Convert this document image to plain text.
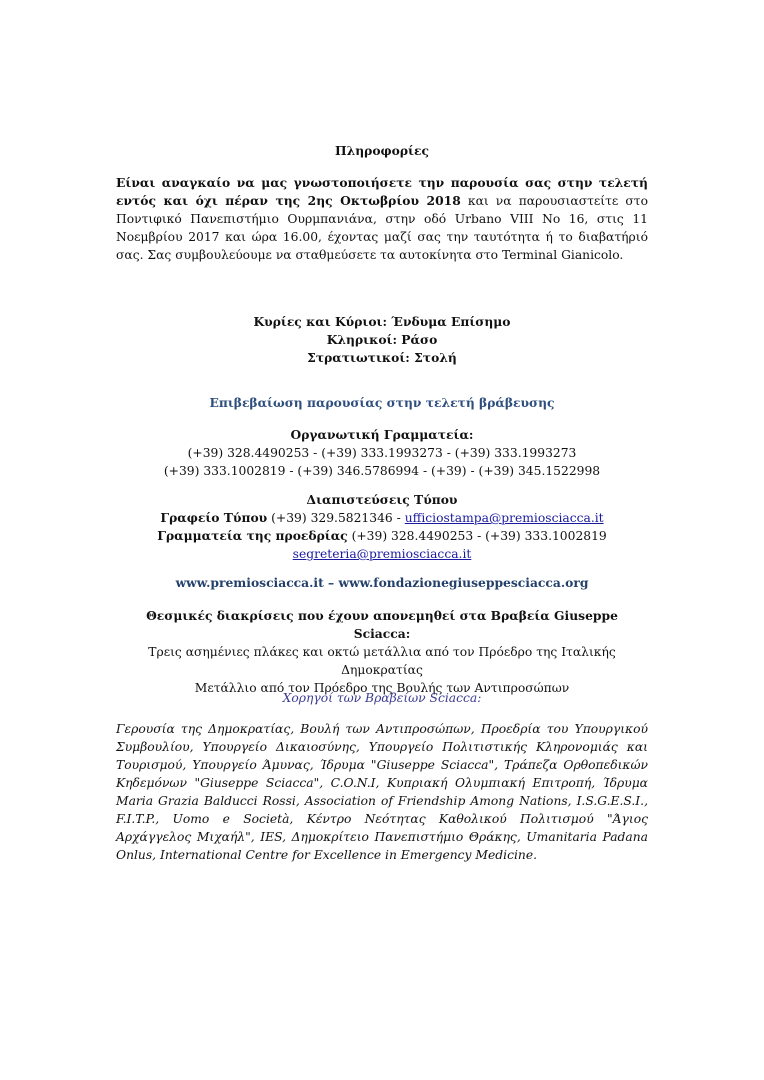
Πληροφορίες
Είναι αναγκαίο να μας γνωστοποιήσετε την παρουσία σας στην τελετή εντός και όχι πέραν της 2ης Οκτωβρίου 2018 και να παρουσιαστείτε στο Ποντιφικό Πανεπιστήμιο Ουρμπανιάνα, στην οδό Urbano VIII No 16, στις 11 Νοεμβρίου 2017 και ώρα 16.00, έχοντας μαζί σας την ταυτότητα ή το διαβατήριό σας. Σας συμβουλεύουμε να σταθμεύσετε τα αυτοκίνητα στο Terminal Gianicolo.
Κυρίες και Κύριοι: Ένδυμα Επίσημο
Κληρικοί: Ράσο
Στρατιωτικοί: Στολή
Επιβεβαίωση παρουσίας στην τελετή βράβευσης
Οργανωτική Γραμματεία:
(+39) 328.4490253 - (+39) 333.1993273 - (+39) 333.1993273
(+39) 333.1002819 - (+39) 346.5786994 - (+39) - (+39) 345.1522998
Διαπιστεύσεις Τύπου
Γραφείο Τύπου (+39) 329.5821346 - ufficiostampa@premiosciacca.it
Γραμματεία της προεδρίας (+39) 328.4490253 - (+39) 333.1002819
segreteria@premiosciacca.it
www.premiosciacca.it – www.fondazionegiuseppesciacca.org
Θεσμικές διακρίσεις που έχουν απονεμηθεί στα Βραβεία Giuseppe Sciacca:
Τρεις ασημένιες πλάκες και οκτώ μετάλλια από τον Πρόεδρο της Ιταλικής Δημοκρατίας
Μετάλλιο από τον Πρόεδρο της Βουλής των Αντιπροσώπων
Χορηγοί των Βραβείων Sciacca:
Γερουσία της Δημοκρατίας, Βουλή των Αντιπροσώπων, Προεδρία του Υπουργικού Συμβουλίου, Υπουργείο Δικαιοσύνης, Υπουργείο Πολιτιστικής Κληρονομιάς και Τουρισμού, Υπουργείο Άμυνας, Ίδρυμα "Giuseppe Sciacca", Τράπεζα Ορθοπεδικών Κηδεμόνων "Giuseppe Sciacca", C.O.N.I, Κυπριακή Ολυμπιακή Επιτροπή, Ίδρυμα Maria Grazia Balducci Rossi, Association of Friendship Among Nations, I.S.G.E.S.I., F.I.T.P., Uomo e Società, Κέντρο Νεότητας Καθολικού Πολιτισμού "Άγιος Αρχάγγελος Μιχαήλ", IES, Δημοκρίτειο Πανεπιστήμιο Θράκης, Umanitaria Padana Onlus, International Centre for Excellence in Emergency Medicine.
